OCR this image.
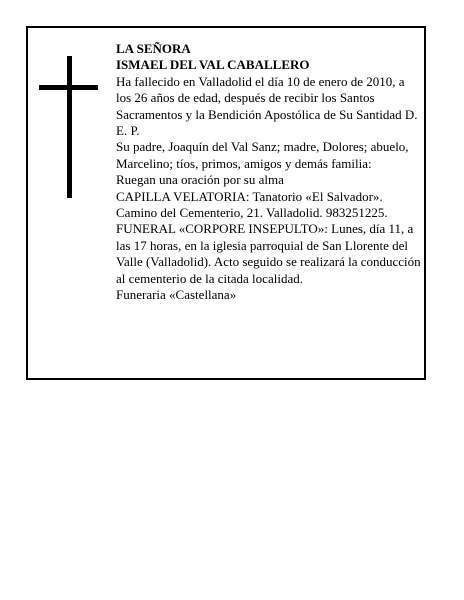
LA SEÑORA

ISMAEL DEL VAL CABALLERO

Ha fallecido en Valladolid el día 10 de enero de 2010, a los 26 años de edad, después de recibir los Santos Sacramentos y la Bendición Apostólica de Su Santidad D. E. P.

Su padre, Joaquín del Val Sanz; madre, Dolores; abuelo, Marcelino; tíos, primos, amigos y demás familia:

Ruegan una oración por su alma

CAPILLA VELATORIA: Tanatorio «El Salvador». Camino del Cementerio, 21. Valladolid. 983251225.

FUNERAL «CORPORE INSEPULTO»: Lunes, día 11, a las 17 horas, en la iglesia parroquial de San Llorente del Valle (Valladolid). Acto seguido se realizará la conducción al cementerio de la citada localidad.

Funeraria «Castellana»
